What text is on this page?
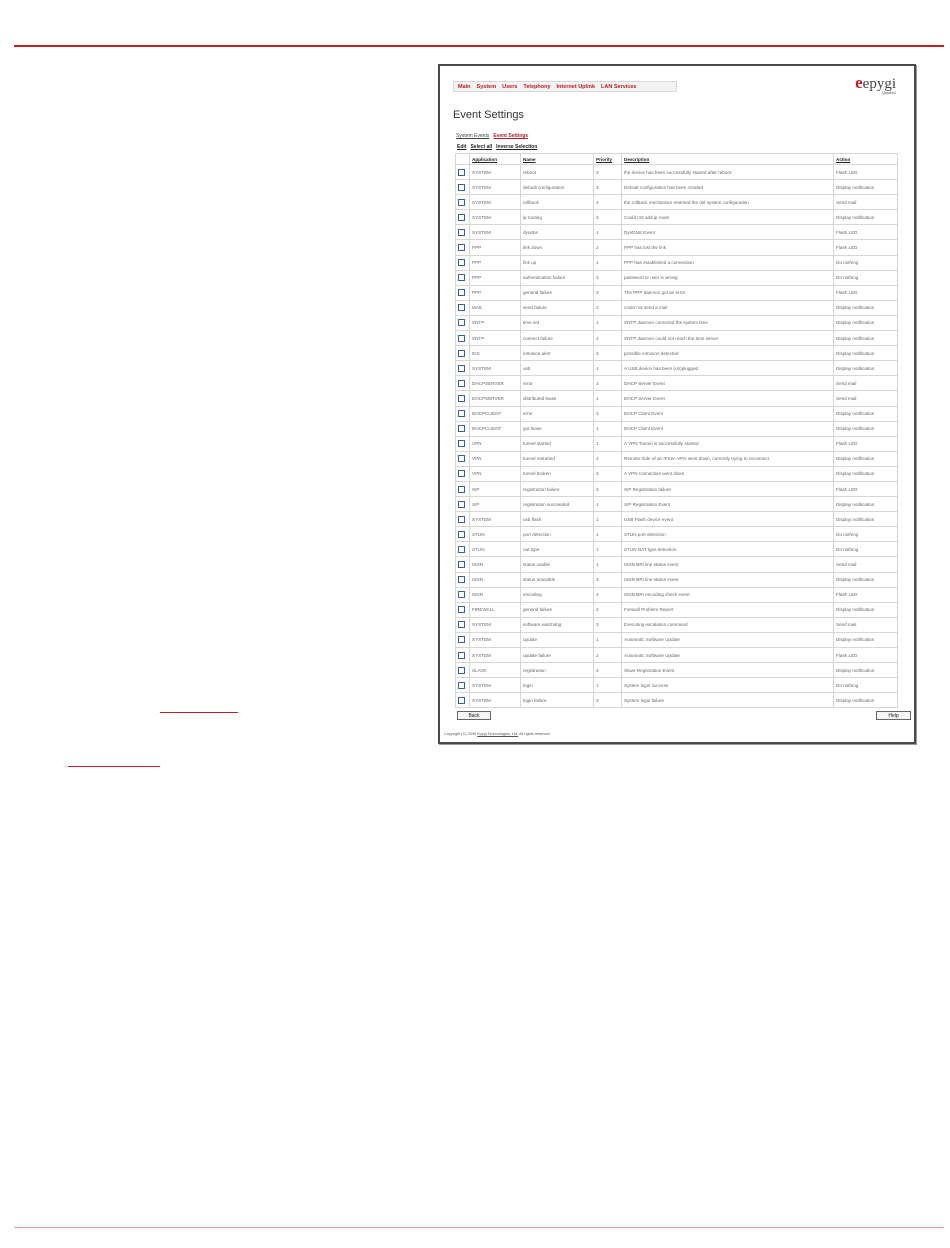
Main System Users Telephony Internet Uplink LAN Services	eepygi
QuadroX
Event Settings
System Events Event Settings
Edit Select all Inverse Selection
	Application	Name	Priority	Description	Action
	SYSTEM	reboot	3	the device has been successfully started after reboot	Flash LED
	SYSTEM	default configuration	3	Default configuration has been created	Display notification
	SYSTEM	rollback	3	the rollback mechanism restored the old system configuration	Send mail
	SYSTEM	ip routing	3	Could not add ip route	Display notification
	SYSTEM	dyndns	1	DynDNS Event	Flash LED
	PPP	link down	2	PPP has lost the link	Flash LED
	PPP	link up	1	PPP has established a connection	Do nothing
	PPP	authentication failure	3	password or user is wrong	Do nothing
	PPP	general failure	3	The PPP daemon got an error	Flash LED
	MAIL	send failure	2	could not send a mail	Display notification
	SNTP	time set	1	SNTP daemon corrected the system time	Display notification
	SNTP	connect failure	2	SNTP daemon could not reach the time server	Display notification
	IDS	intrusion alert	3	possible intrusion detected	Display notification
	SYSTEM	usb	1	A USB device has been (un)plugged	Display notification
	DHCPSERVER	error	3	DHCP Server Event	Send mail
	DHCPSERVER	distributed lease	1	DHCP Server Event	Send mail
	DHCPCLIENT	error	3	DHCP Client Event	Display notification
	DHCPCLIENT	got lease	1	DHCP Client Event	Display notification
	VPN	tunnel started	1	A VPN Tunnel is successfully started	Flash LED
	VPN	tunnel restarted	2	Remote Side of an IPSec-VPN went down, currently trying to reconnect	Display notification
	VPN	tunnel broken	3	A VPN connection went down	Display notification
	SIP	registration failure	3	SIP Registration failure	Flash LED
	SIP	registration succeeded	1	SIP Registration Event	Display notification
	SYSTEM	usb flash	1	USB Flash device event	Display notification
	STUN	port detection	1	STUN port detection	Do nothing
	STUN	nat type	1	STUN NAT type detection	Do nothing
	ISDN	status usable	1	ISDN BRI line status event	Send mail
	ISDN	status unusable	3	ISDN BRI line status event	Display notification
	ISDN	encoding	3	ISDN BRI encoding check event	Flash LED
	FIREWALL	general failure	2	Firewall Problem Report	Display notification
	SYSTEM	software watchdog	3	Executing escalation command	Send mail
	SYSTEM	update	1	Automatic Software Update	Display notification
	SYSTEM	update failure	2	Automatic Software Update	Flash LED
	SLAVE	registration	3	Slave Registration Event	Display notification
	SYSTEM	login	1	System login success	Do nothing
	SYSTEM	login failure	3	System login failure	Display notification
Back	Help
Copyright (C) 2006 Epygi Technologies, Ltd. All rights reserved.
